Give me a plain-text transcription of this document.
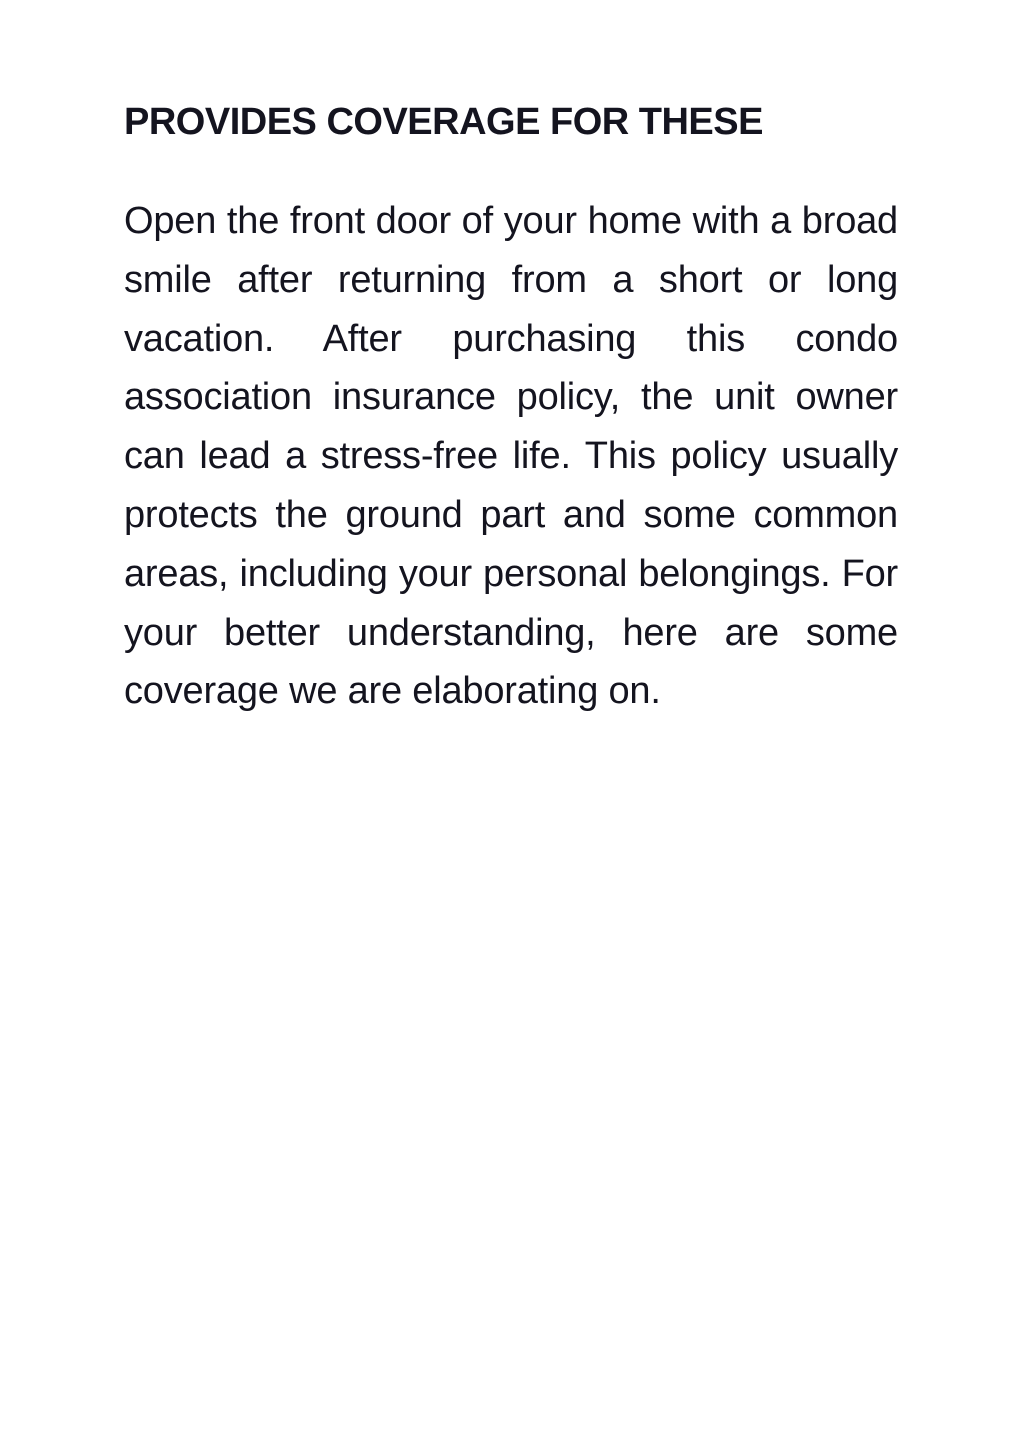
PROVIDES COVERAGE FOR THESE

Open the front door of your home with a broad smile after returning from a short or long vacation. After purchasing this condo association insurance policy, the unit owner can lead a stress-free life. This policy usually protects the ground part and some common areas, including your personal belongings. For your better understanding, here are some coverage we are elaborating on.
